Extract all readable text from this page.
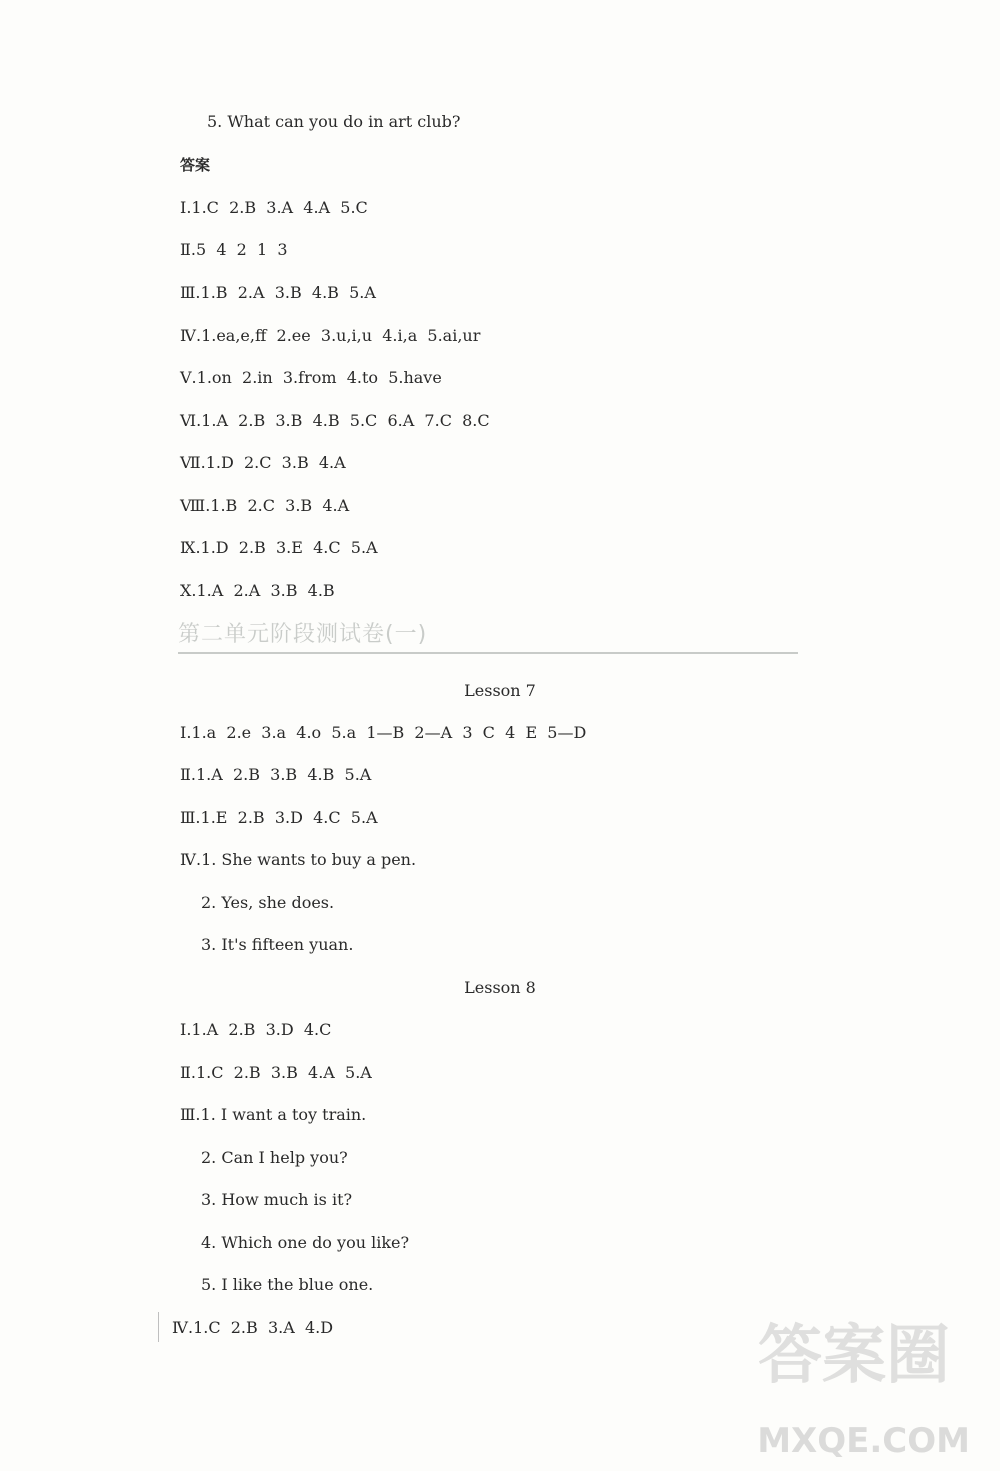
5. What can you do in art club?
答案
Ⅰ.1.C  2.B  3.A  4.A  5.C
Ⅱ.5  4  2  1  3
Ⅲ.1.B  2.A  3.B  4.B  5.A
Ⅳ.1.ea,e,ff  2.ee  3.u,i,u  4.i,a  5.ai,ur
Ⅴ.1.on  2.in  3.from  4.to  5.have
Ⅵ.1.A  2.B  3.B  4.B  5.C  6.A  7.C  8.C
Ⅶ.1.D  2.C  3.B  4.A
Ⅷ.1.B  2.C  3.B  4.A
Ⅸ.1.D  2.B  3.E  4.C  5.A
Ⅹ.1.A  2.A  3.B  4.B
第二单元阶段测试卷(一)
Lesson 7
Ⅰ.1.a  2.e  3.a  4.o  5.a  1—B  2—A  3  C  4  E  5—D
Ⅱ.1.A  2.B  3.B  4.B  5.A
Ⅲ.1.E  2.B  3.D  4.C  5.A
Ⅳ.1. She wants to buy a pen.
2. Yes, she does.
3. It's fifteen yuan.
Lesson 8
Ⅰ.1.A  2.B  3.D  4.C
Ⅱ.1.C  2.B  3.B  4.A  5.A
Ⅲ.1. I want a toy train.
2. Can I help you?
3. How much is it?
4. Which one do you like?
5. I like the blue one.
Ⅳ.1.C  2.B  3.A  4.D	答案圈
MXQE.COM
